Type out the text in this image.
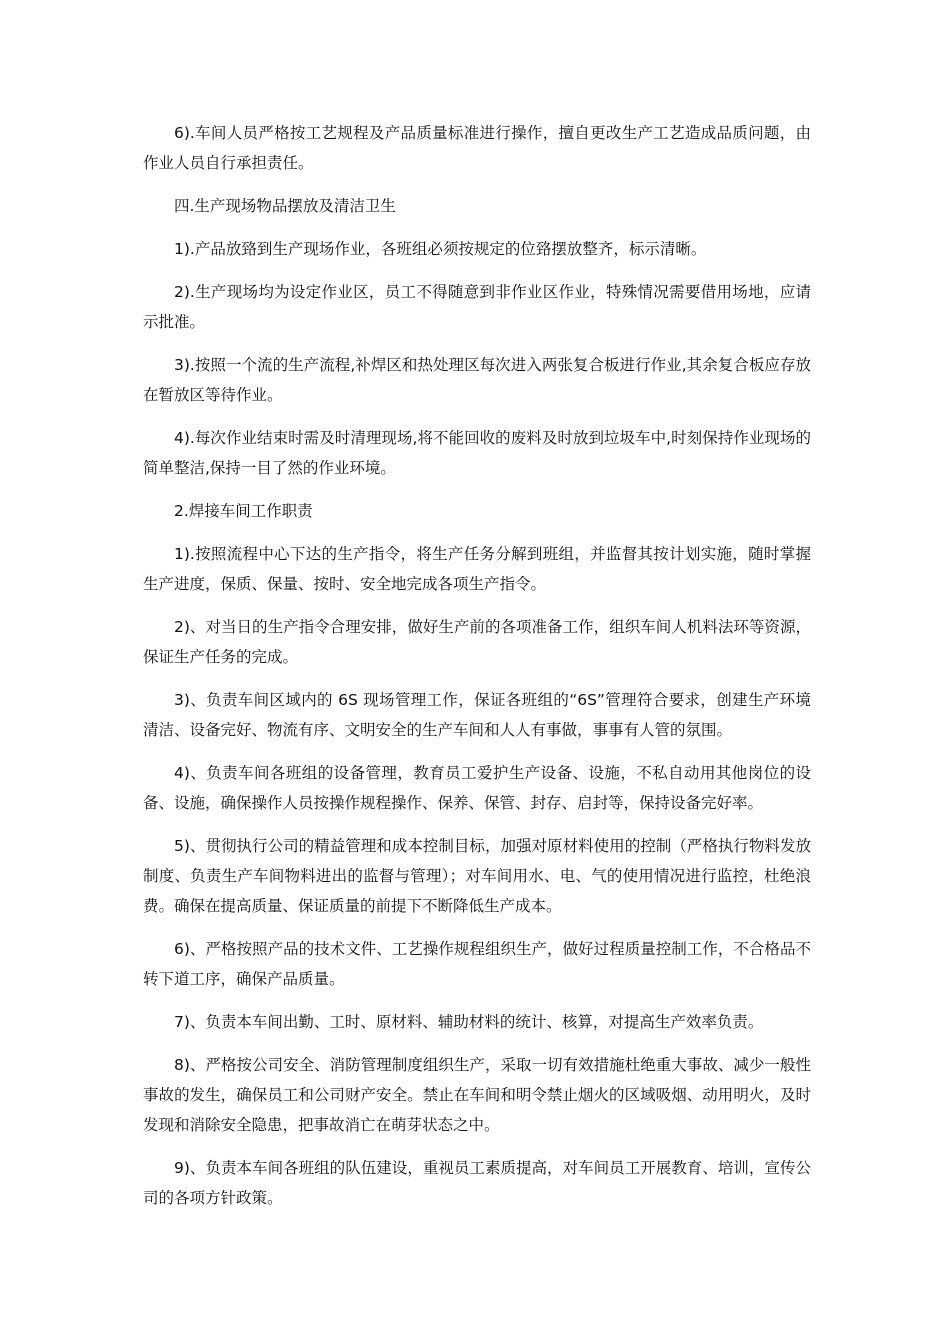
6).车间人员严格按工艺规程及产品质量标准进行操作，擅自更改生产工艺造成品质问题，由作业人员自行承担责任。

四.生产现场物品摆放及清洁卫生

1).产品放臵到生产现场作业，各班组必须按规定的位臵摆放整齐，标示清晰。

2).生产现场均为设定作业区，员工不得随意到非作业区作业，特殊情况需要借用场地，应请示批准。

3).按照一个流的生产流程,补焊区和热处理区每次进入两张复合板进行作业,其余复合板应存放在暂放区等待作业。

4).每次作业结束时需及时清理现场,将不能回收的废料及时放到垃圾车中,时刻保持作业现场的简单整洁,保持一目了然的作业环境。

2.焊接车间工作职责

1).按照流程中心下达的生产指令，将生产任务分解到班组，并监督其按计划实施，随时掌握生产进度，保质、保量、按时、安全地完成各项生产指令。

2)、对当日的生产指令合理安排，做好生产前的各项准备工作，组织车间人机料法环等资源，保证生产任务的完成。

3)、负责车间区域内的 6S 现场管理工作，保证各班组的“6S”管理符合要求，创建生产环境清洁、设备完好、物流有序、文明安全的生产车间和人人有事做，事事有人管的氛围。

4)、负责车间各班组的设备管理，教育员工爱护生产设备、设施，不私自动用其他岗位的设备、设施，确保操作人员按操作规程操作、保养、保管、封存、启封等，保持设备完好率。

5)、贯彻执行公司的精益管理和成本控制目标，加强对原材料使用的控制（严格执行物料发放制度、负责生产车间物料进出的监督与管理）；对车间用水、电、气的使用情况进行监控，杜绝浪费。确保在提高质量、保证质量的前提下不断降低生产成本。

6)、严格按照产品的技术文件、工艺操作规程组织生产，做好过程质量控制工作，不合格品不转下道工序，确保产品质量。

7)、负责本车间出勤、工时、原材料、辅助材料的统计、核算，对提高生产效率负责。

8)、严格按公司安全、消防管理制度组织生产，采取一切有效措施杜绝重大事故、减少一般性事故的发生，确保员工和公司财产安全。禁止在车间和明令禁止烟火的区域吸烟、动用明火，及时发现和消除安全隐患，把事故消亡在萌芽状态之中。

9)、负责本车间各班组的队伍建设，重视员工素质提高，对车间员工开展教育、培训，宣传公司的各项方针政策。
